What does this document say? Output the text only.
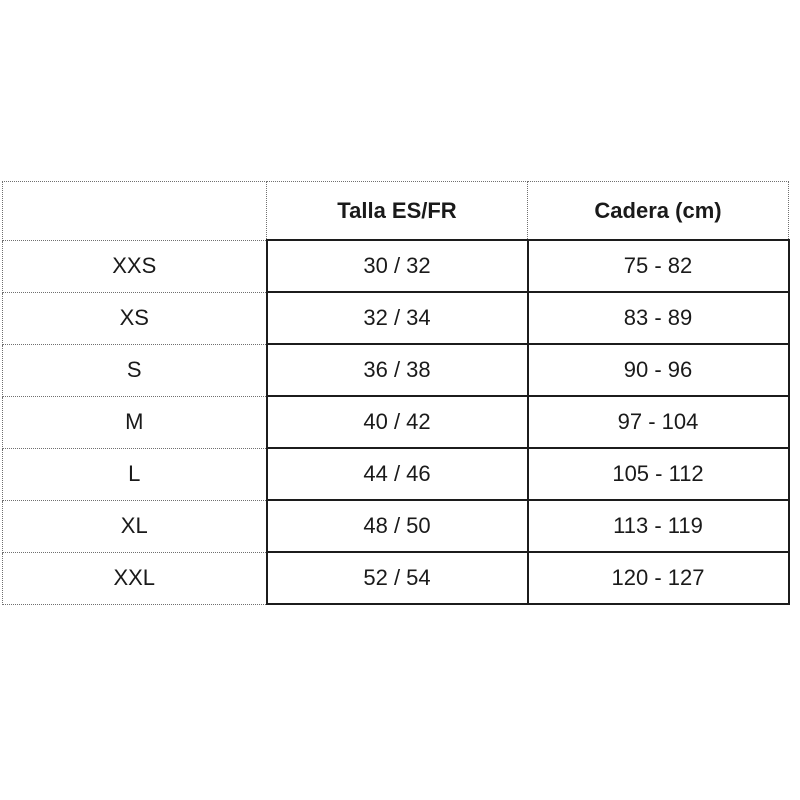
	Talla ES/FR	Cadera (cm)
XXS	30 / 32	75 - 82
XS	32 / 34	83 - 89
S	36 / 38	90 - 96
M	40 / 42	97 - 104
L	44 / 46	105 - 112
XL	48 / 50	113 - 119
XXL	52 / 54	120 - 127
